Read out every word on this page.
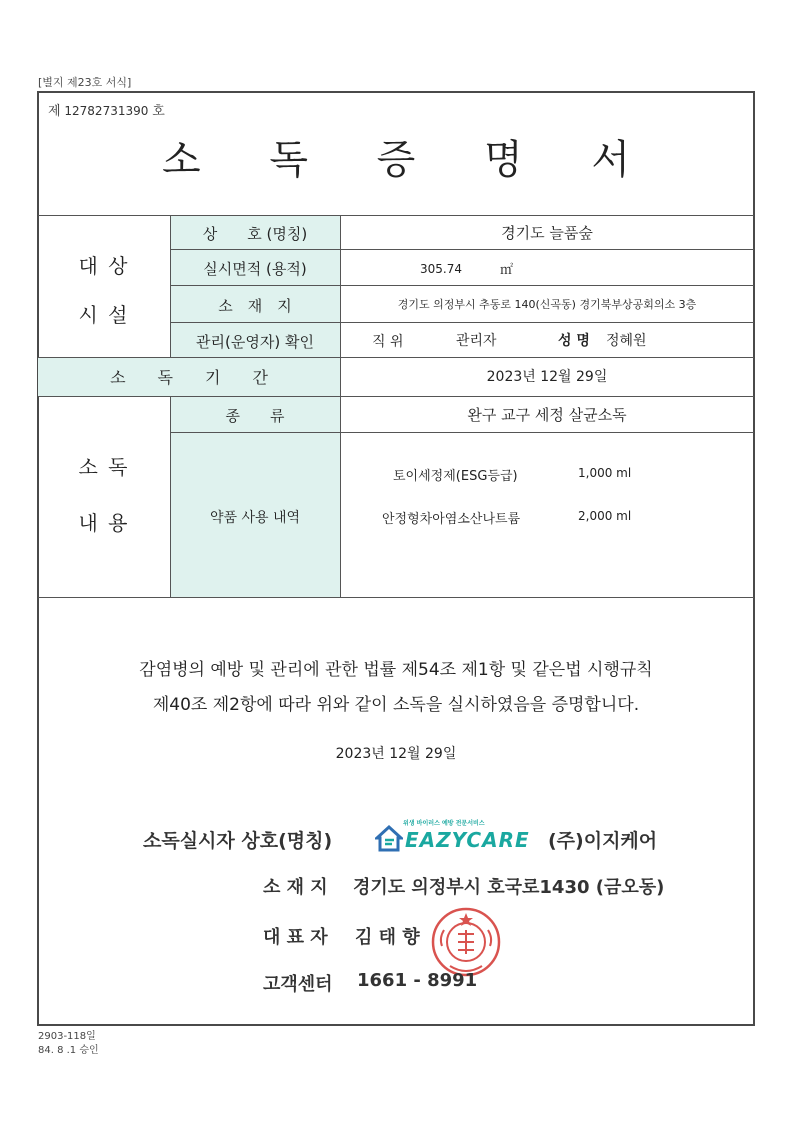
[별지 제23호 서식]
제 12782731390 호
소 독 증 명 서
대 상
시 설
상　　호 (명칭)	경기도 늘품숲
실시면적 (용적)	305.74	㎡
소　재　지	경기도 의정부시 추동로 140(신곡동) 경기북부상공회의소 3층
관리(운영자) 확인	직 위	관리자	성 명 정혜원
소　　독　　기　　간	2023년 12월 29일
소 독
내 용
종　　류	완구 교구 세정 살균소독
약품 사용 내역
토이세정제(ESG등급)	1,000 ml
안정형차아염소산나트륨	2,000 ml
감염병의 예방 및 관리에 관한 법률 제54조 제1항 및 같은법 시행규칙
제40조 제2항에 따라 위와 같이 소독을 실시하였음을 증명합니다.
2023년 12월 29일
소독실시자 상호(명칭)
위생 바이러스 예방 전문서비스
EAZYCARE (주)이지케어
소 재 지 경기도 의정부시 호국로1430 (금오동)
대 표 자 김 태 향
고객센터 1661 - 8991
2903-118일
84. 8 .1 승인
